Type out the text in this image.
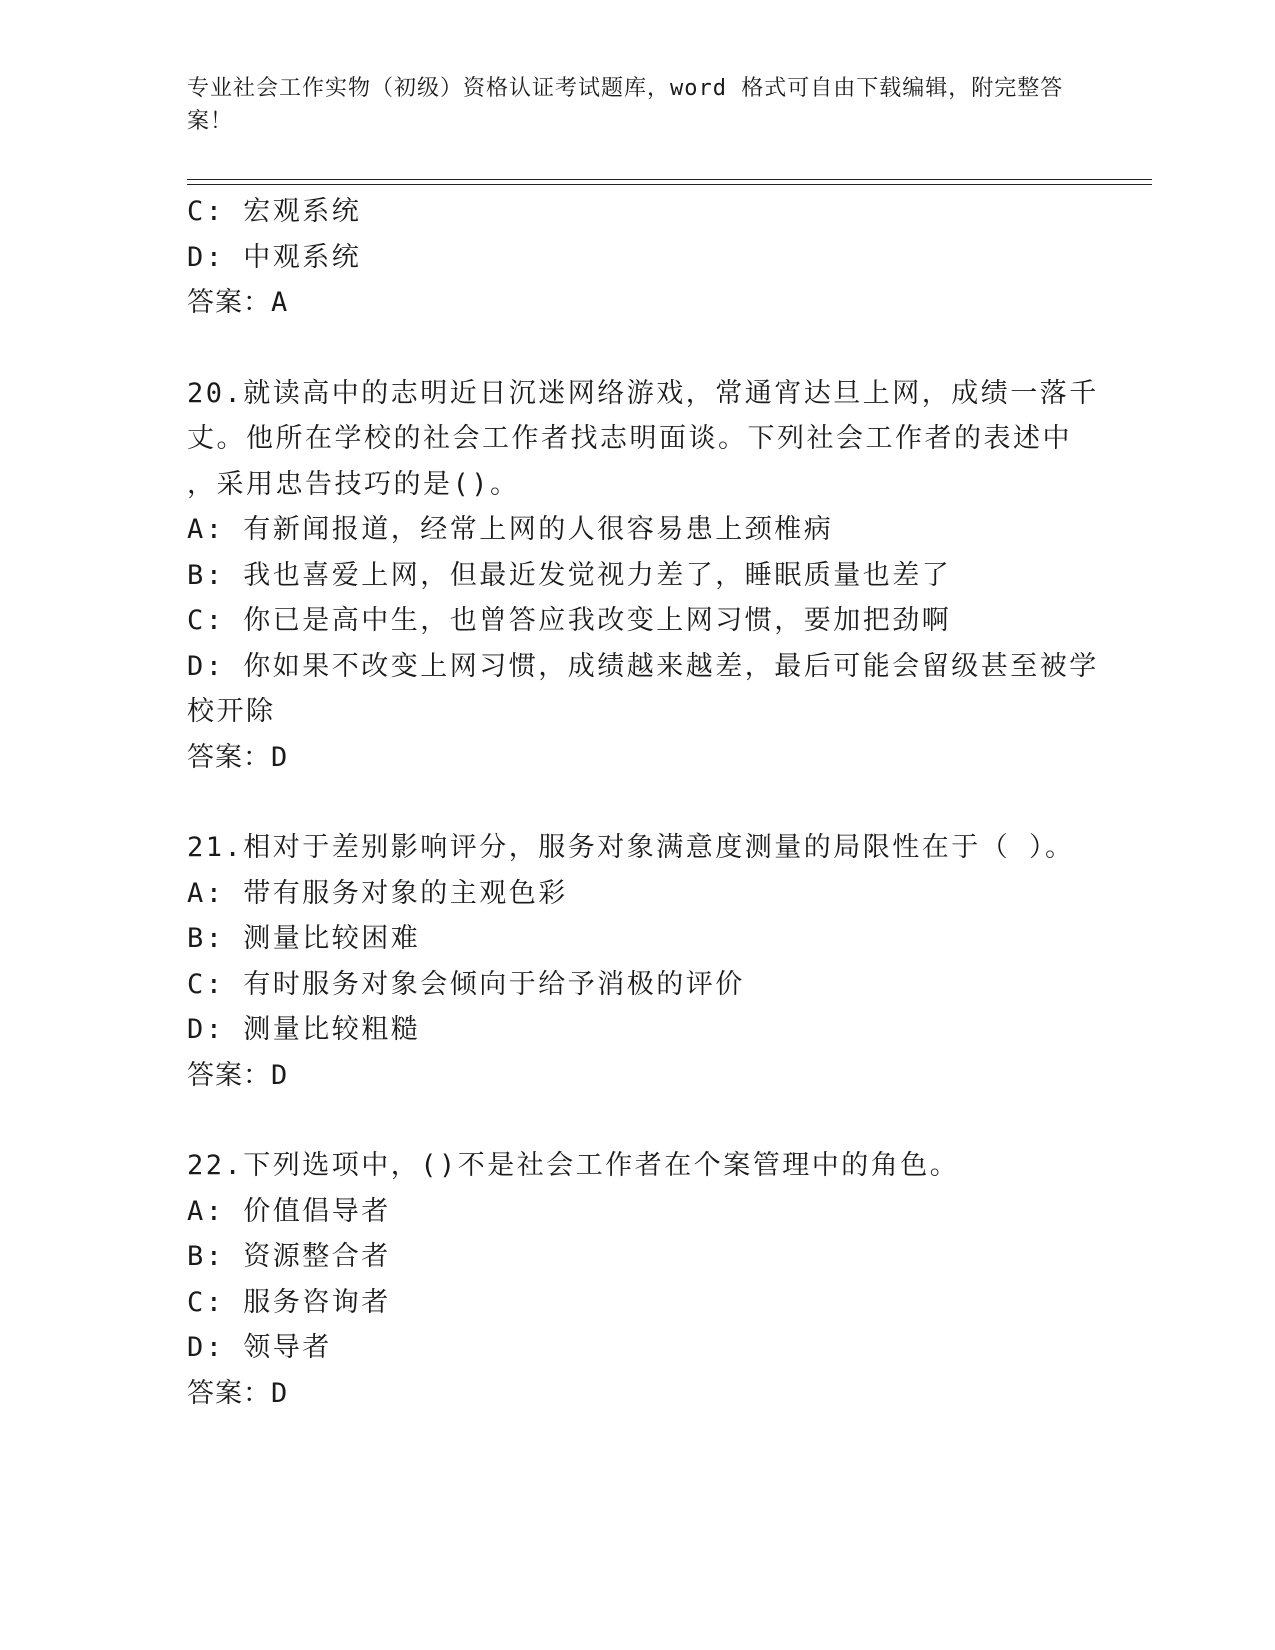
专业社会工作实物（初级）资格认证考试题库，word 格式可自由下载编辑，附完整答案！
C: 宏观系统
D: 中观系统
答案：A
20.就读高中的志明近日沉迷网络游戏，常通宵达旦上网，成绩一落千
丈。他所在学校的社会工作者找志明面谈。下列社会工作者的表述中
，采用忠告技巧的是()。
A: 有新闻报道，经常上网的人很容易患上颈椎病
B: 我也喜爱上网，但最近发觉视力差了，睡眠质量也差了
C: 你已是高中生，也曾答应我改变上网习惯，要加把劲啊
D: 你如果不改变上网习惯，成绩越来越差，最后可能会留级甚至被学
校开除
答案：D
21.相对于差别影响评分，服务对象满意度测量的局限性在于（ ）。
A: 带有服务对象的主观色彩
B: 测量比较困难
C: 有时服务对象会倾向于给予消极的评价
D: 测量比较粗糙
答案：D
22.下列选项中，()不是社会工作者在个案管理中的角色。
A: 价值倡导者
B: 资源整合者
C: 服务咨询者
D: 领导者
答案：D
